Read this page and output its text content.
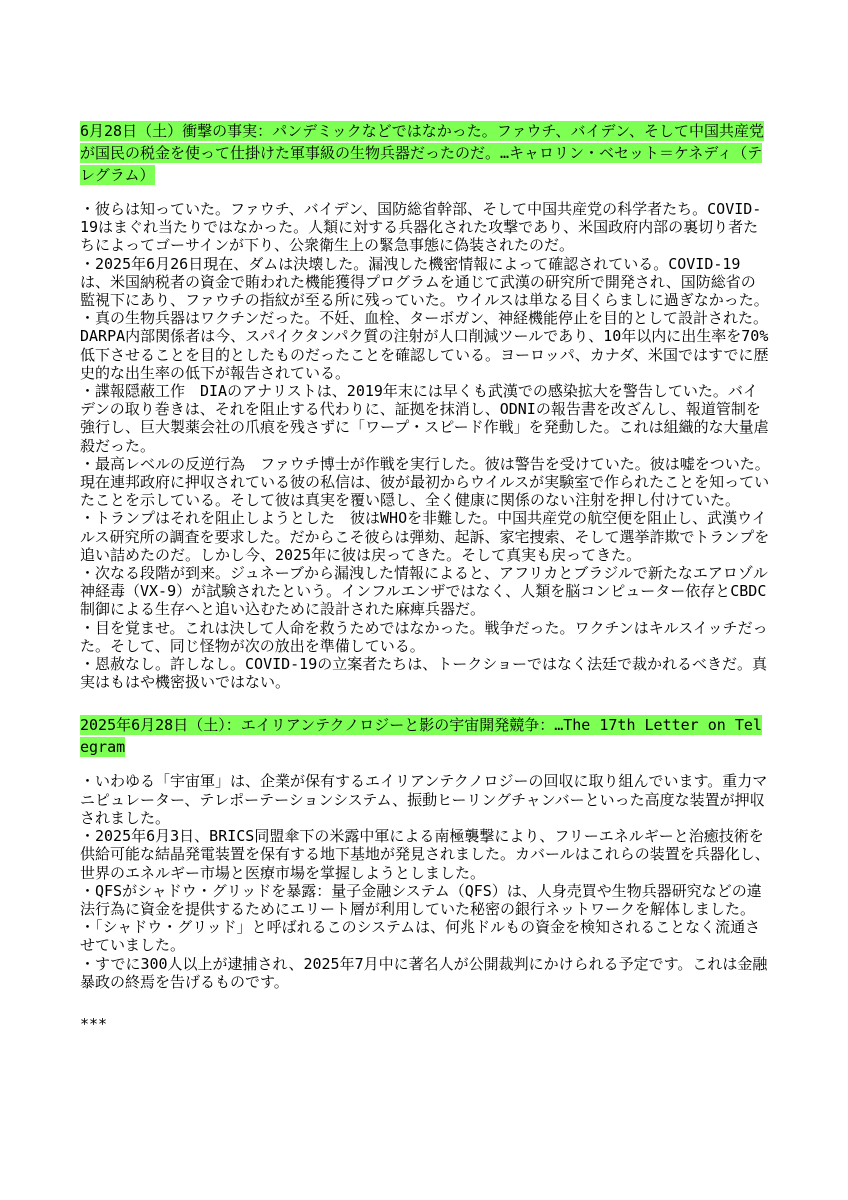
6月28日（土）衝撃の事実：パンデミックなどではなかった。ファウチ、バイデン、そして中国共産党が国民の税金を使って仕掛けた軍事級の生物兵器だったのだ。…キャロリン・ベセット＝ケネディ（テレグラム）

・彼らは知っていた。ファウチ、バイデン、国防総省幹部、そして中国共産党の科学者たち。COVID-19はまぐれ当たりではなかった。人類に対する兵器化された攻撃であり、米国政府内部の裏切り者たちによってゴーサインが下り、公衆衛生上の緊急事態に偽装されたのだ。

・2025年6月26日現在、ダムは決壊した。漏洩した機密情報によって確認されている。COVID-19は、米国納税者の資金で賄われた機能獲得プログラムを通じて武漢の研究所で開発され、国防総省の監視下にあり、ファウチの指紋が至る所に残っていた。ウイルスは単なる目くらましに過ぎなかった。

・真の生物兵器はワクチンだった。不妊、血栓、ターボガン、神経機能停止を目的として設計された。DARPA内部関係者は今、スパイクタンパク質の注射が人口削減ツールであり、10年以内に出生率を70%低下させることを目的としたものだったことを確認している。ヨーロッパ、カナダ、米国ではすでに歴史的な出生率の低下が報告されている。

・諜報隠蔽工作　DIAのアナリストは、2019年末には早くも武漢での感染拡大を警告していた。バイデンの取り巻きは、それを阻止する代わりに、証拠を抹消し、ODNIの報告書を改ざんし、報道管制を強行し、巨大製薬会社の爪痕を残さずに「ワープ・スピード作戦」を発動した。これは組織的な大量虐殺だった。

・最高レベルの反逆行為　ファウチ博士が作戦を実行した。彼は警告を受けていた。彼は嘘をついた。現在連邦政府に押収されている彼の私信は、彼が最初からウイルスが実験室で作られたことを知っていたことを示している。そして彼は真実を覆い隠し、全く健康に関係のない注射を押し付けていた。

・トランプはそれを阻止しようとした　彼はWHOを非難した。中国共産党の航空便を阻止し、武漢ウイルス研究所の調査を要求した。だからこそ彼らは弾劾、起訴、家宅捜索、そして選挙詐欺でトランプを追い詰めたのだ。しかし今、2025年に彼は戻ってきた。そして真実も戻ってきた。

・次なる段階が到来。ジュネーブから漏洩した情報によると、アフリカとブラジルで新たなエアロゾル神経毒（VX-9）が試験されたという。インフルエンザではなく、人類を脳コンピューター依存とCBDC制御による生存へと追い込むために設計された麻痺兵器だ。

・目を覚ませ。これは決して人命を救うためではなかった。戦争だった。ワクチンはキルスイッチだった。そして、同じ怪物が次の放出を準備している。

・恩赦なし。許しなし。COVID-19の立案者たちは、トークショーではなく法廷で裁かれるべきだ。真実はもはや機密扱いではない。

2025年6月28日（土）：エイリアンテクノロジーと影の宇宙開発競争：…The 17th Letter on Telegram

・いわゆる「宇宙軍」は、企業が保有するエイリアンテクノロジーの回収に取り組んでいます。重力マニピュレーター、テレポーテーションシステム、振動ヒーリングチャンバーといった高度な装置が押収されました。

・2025年6月3日、BRICS同盟傘下の米露中軍による南極襲撃により、フリーエネルギーと治癒技術を供給可能な結晶発電装置を保有する地下基地が発見されました。カバールはこれらの装置を兵器化し、世界のエネルギー市場と医療市場を掌握しようとしました。

・QFSがシャドウ・グリッドを暴露：量子金融システム（QFS）は、人身売買や生物兵器研究などの違法行為に資金を提供するためにエリート層が利用していた秘密の銀行ネットワークを解体しました。

・「シャドウ・グリッド」と呼ばれるこのシステムは、何兆ドルもの資金を検知されることなく流通させていました。

・すでに300人以上が逮捕され、2025年7月中に著名人が公開裁判にかけられる予定です。これは金融暴政の終焉を告げるものです。

***
